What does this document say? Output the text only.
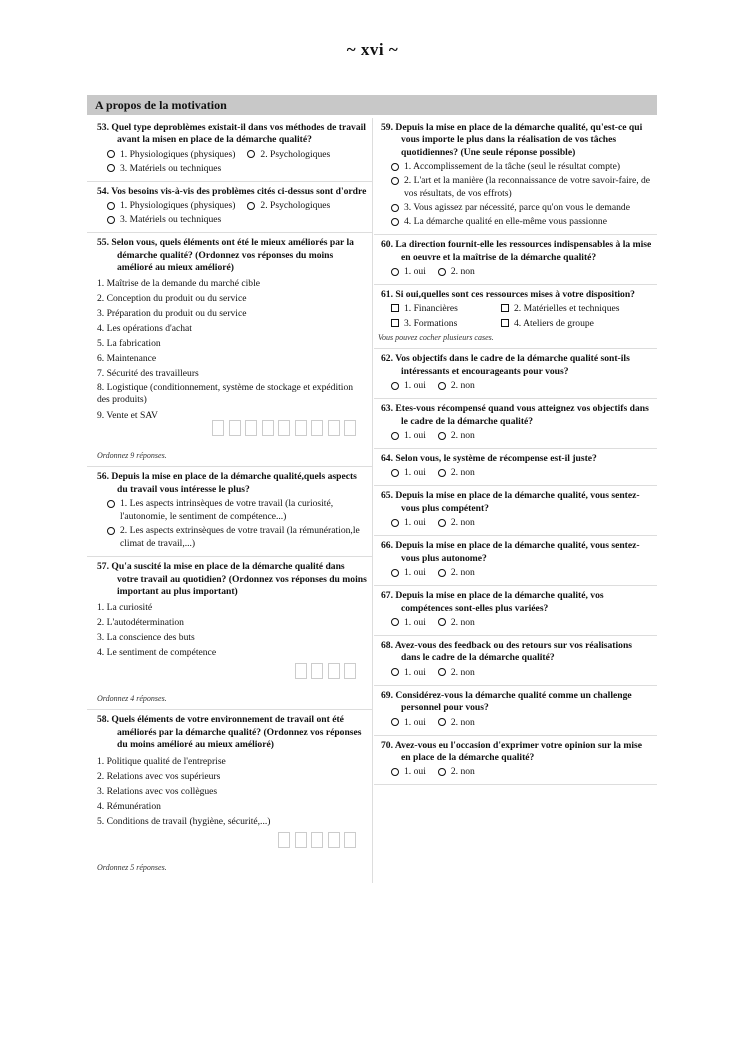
~ xvi ~
A propos de la motivation
53. Quel type deproblèmes existait-il dans vos méthodes de travail avant la misen en place de la démarche qualité?
1. Physiologiques (physiques)	2. Psychologiques
3. Matériels ou techniques
54. Vos besoins vis-à-vis des problèmes cités ci-dessus sont d'ordre
1. Physiologiques (physiques)	2. Psychologiques
3. Matériels ou techniques
55. Selon vous, quels éléments ont été le mieux améliorés par la démarche qualité? (Ordonnez vos réponses du moins amélioré au mieux amélioré)
1. Maîtrise de la demande du marché cible
2. Conception du produit ou du service
3. Préparation du produit ou du service
4. Les opérations d'achat
5. La fabrication
6. Maintenance
7. Sécurité des travailleurs
8. Logistique (conditionnement, système de stockage et expédition des produits)
9. Vente et SAV
Ordonnez 9 réponses.
56. Depuis la mise en place de la démarche qualité,quels aspects du travail vous intéresse le plus?
1. Les aspects intrinsèques de votre travail (la curiosité, l'autonomie, le sentiment de compétence...)
2. Les aspects extrinsèques de votre travail (la rémunération,le climat de travail,...)
57. Qu'a suscité la mise en place de la démarche qualité dans votre travail au quotidien? (Ordonnez vos réponses du moins important au plus important)
1. La curiosité
2. L'autodétermination
3. La conscience des buts
4. Le sentiment de compétence
Ordonnez 4 réponses.
58. Quels éléments de votre environnement de travail ont été améliorés par la démarche qualité? (Ordonnez vos réponses du moins amélioré au mieux amélioré)
1. Politique qualité de l'entreprise
2. Relations avec vos supérieurs
3. Relations avec vos collègues
4. Rémunération
5. Conditions de travail (hygiène, sécurité,...)
Ordonnez 5 réponses.
59. Depuis la mise en place de la démarche qualité, qu'est-ce qui vous importe le plus dans la réalisation de vos tâches quotidiennes? (Une seule réponse possible)
1. Accomplissement de la tâche (seul le résultat compte)
2. L'art et la manière (la reconnaissance de votre savoir-faire, de vos résultats, de vos effrots)
3. Vous agissez par nécessité, parce qu'on vous le demande
4. La démarche qualité en elle-même vous passionne
60. La direction fournit-elle les ressources indispensables à la mise en oeuvre et la maîtrise de la démarche qualité?
1. oui	2. non
61. Si oui,quelles sont ces ressources mises à votre disposition?
1. Financières	2. Matérielles et techniques
3. Formations	4. Ateliers de groupe
Vous pouvez cocher plusieurs cases.
62. Vos objectifs dans le cadre de la démarche qualité sont-ils intéressants et encourageants pour vous?
1. oui	2. non
63. Etes-vous récompensé quand vous atteignez vos objectifs dans le cadre de la démarche qualité?
1. oui	2. non
64. Selon vous, le système de récompense est-il juste?
1. oui	2. non
65. Depuis la mise en place de la démarche qualité, vous sentez-vous plus compétent?
1. oui	2. non
66. Depuis la mise en place de la démarche qualité, vous sentez-vous plus autonome?
1. oui	2. non
67. Depuis la mise en place de la démarche qualité, vos compétences sont-elles plus variées?
1. oui	2. non
68. Avez-vous des feedback ou des retours sur vos réalisations dans le cadre de la démarche qualité?
1. oui	2. non
69. Considérez-vous la démarche qualité comme un challenge personnel pour vous?
1. oui	2. non
70. Avez-vous eu l'occasion d'exprimer votre opinion sur la mise en place de la démarche qualité?
1. oui	2. non
